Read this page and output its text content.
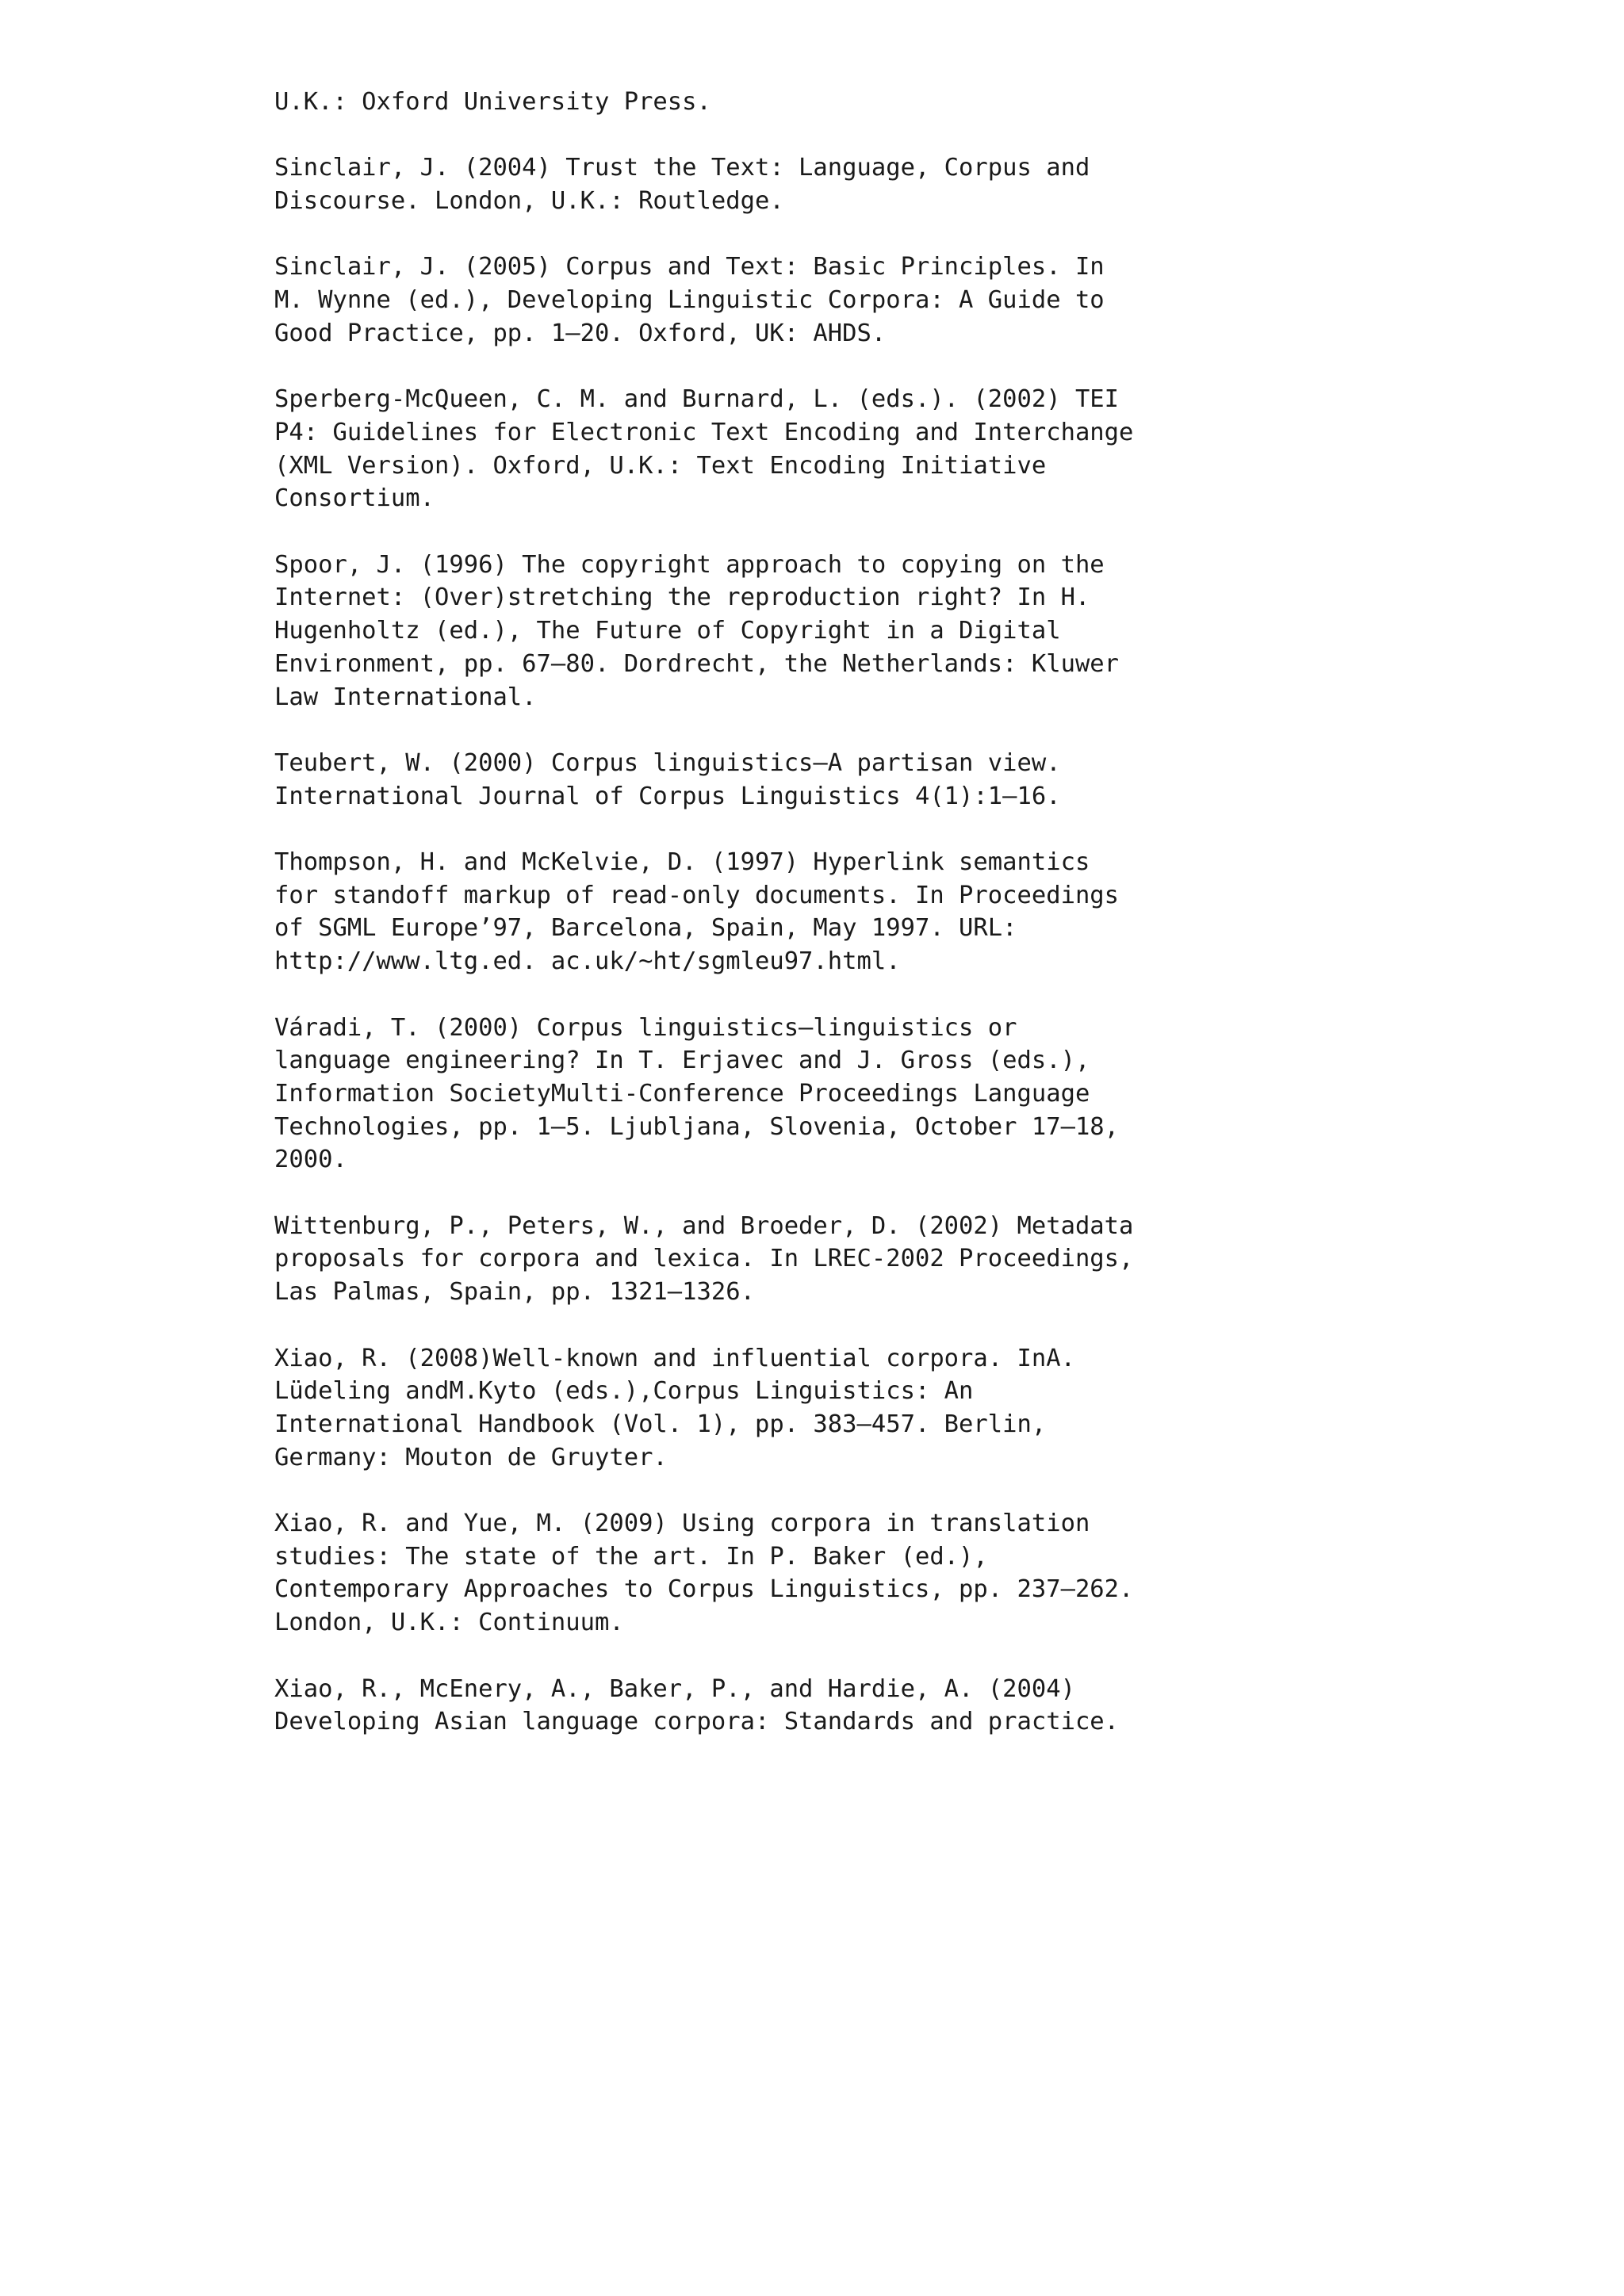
U.K.: Oxford University Press.
Sinclair, J. (2004) Trust the Text: Language, Corpus and
Discourse. London, U.K.: Routledge.
Sinclair, J. (2005) Corpus and Text: Basic Principles. In
M. Wynne (ed.), Developing Linguistic Corpora: A Guide to
Good Practice, pp. 1–20. Oxford, UK: AHDS.
Sperberg-McQueen, C. M. and Burnard, L. (eds.). (2002) TEI
P4: Guidelines for Electronic Text Encoding and Interchange
(XML Version). Oxford, U.K.: Text Encoding Initiative
Consortium.
Spoor, J. (1996) The copyright approach to copying on the
Internet: (Over)stretching the reproduction right? In H.
Hugenholtz (ed.), The Future of Copyright in a Digital
Environment, pp. 67–80. Dordrecht, the Netherlands: Kluwer
Law International.
Teubert, W. (2000) Corpus linguistics—A partisan view.
International Journal of Corpus Linguistics 4(1):1–16.
Thompson, H. and McKelvie, D. (1997) Hyperlink semantics
for standoff markup of read-only documents. In Proceedings
of SGML Europe’97, Barcelona, Spain, May 1997. URL:
http://www.ltg.ed. ac.uk/~ht/sgmleu97.html.
Váradi, T. (2000) Corpus linguistics—linguistics or
language engineering? In T. Erjavec and J. Gross (eds.),
Information SocietyMulti-Conference Proceedings Language
Technologies, pp. 1–5. Ljubljana, Slovenia, October 17–18,
2000.
Wittenburg, P., Peters, W., and Broeder, D. (2002) Metadata
proposals for corpora and lexica. In LREC-2002 Proceedings,
Las Palmas, Spain, pp. 1321–1326.
Xiao, R. (2008)Well-known and influential corpora. InA.
Lüdeling andM.Kyto (eds.),Corpus Linguistics: An
International Handbook (Vol. 1), pp. 383–457. Berlin,
Germany: Mouton de Gruyter.
Xiao, R. and Yue, M. (2009) Using corpora in translation
studies: The state of the art. In P. Baker (ed.),
Contemporary Approaches to Corpus Linguistics, pp. 237–262.
London, U.K.: Continuum.
Xiao, R., McEnery, A., Baker, P., and Hardie, A. (2004)
Developing Asian language corpora: Standards and practice.
